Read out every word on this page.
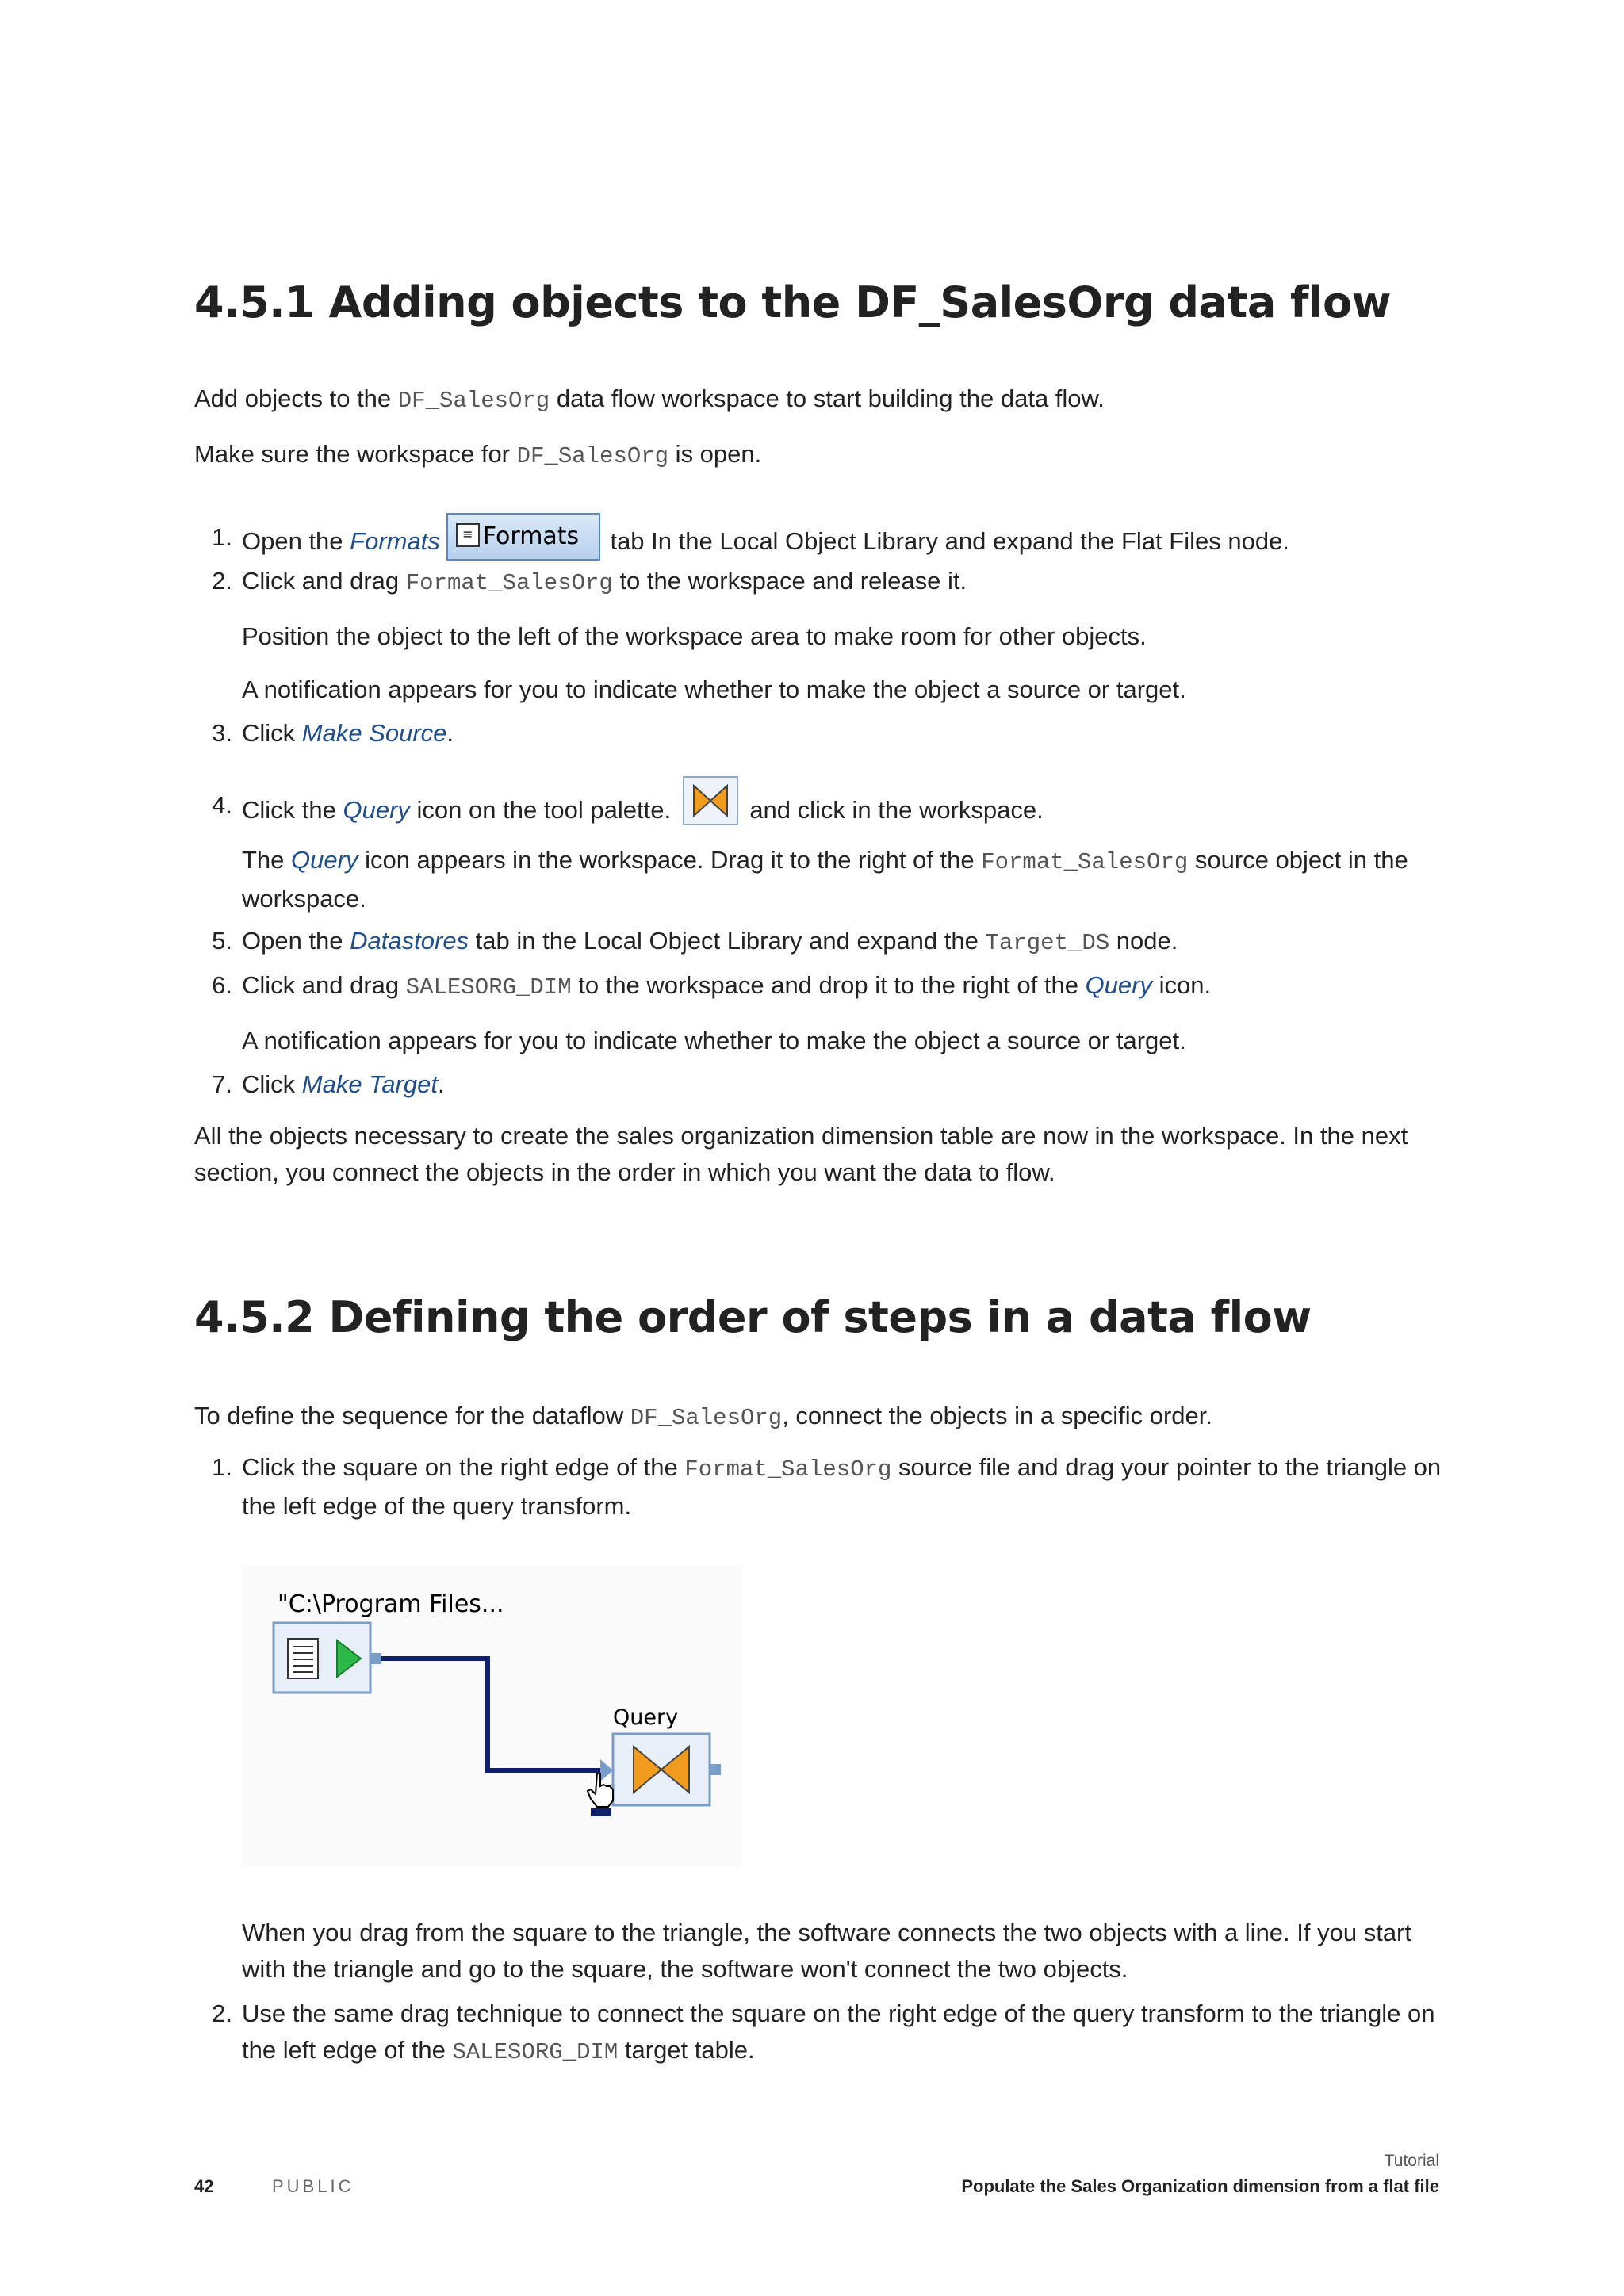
4.5.1 Adding objects to the DF_SalesOrg data flow
Add objects to the DF_SalesOrg data flow workspace to start building the data flow.
Make sure the workspace for DF_SalesOrg is open.
1. Open the Formats ≡ Formats tab In the Local Object Library and expand the Flat Files node.
2. Click and drag Format_SalesOrg to the workspace and release it.
Position the object to the left of the workspace area to make room for other objects.
A notification appears for you to indicate whether to make the object a source or target.
3. Click Make Source.
4. Click the Query icon on the tool palette.	and click in the workspace.
The Query icon appears in the workspace. Drag it to the right of the Format_SalesOrg source object in the workspace.
5. Open the Datastores tab in the Local Object Library and expand the Target_DS node.
6. Click and drag SALESORG_DIM to the workspace and drop it to the right of the Query icon.
A notification appears for you to indicate whether to make the object a source or target.
7. Click Make Target.
All the objects necessary to create the sales organization dimension table are now in the workspace. In the next section, you connect the objects in the order in which you want the data to flow.
4.5.2 Defining the order of steps in a data flow
To define the sequence for the dataflow DF_SalesOrg, connect the objects in a specific order.
1. Click the square on the right edge of the Format_SalesOrg source file and drag your pointer to the triangle on the left edge of the query transform.
"C:\Program Files...
Query
When you drag from the square to the triangle, the software connects the two objects with a line. If you start with the triangle and go to the square, the software won't connect the two objects.
2. Use the same drag technique to connect the square on the right edge of the query transform to the triangle on the left edge of the SALESORG_DIM target table.
42	PUBLIC
Tutorial
Populate the Sales Organization dimension from a flat file
